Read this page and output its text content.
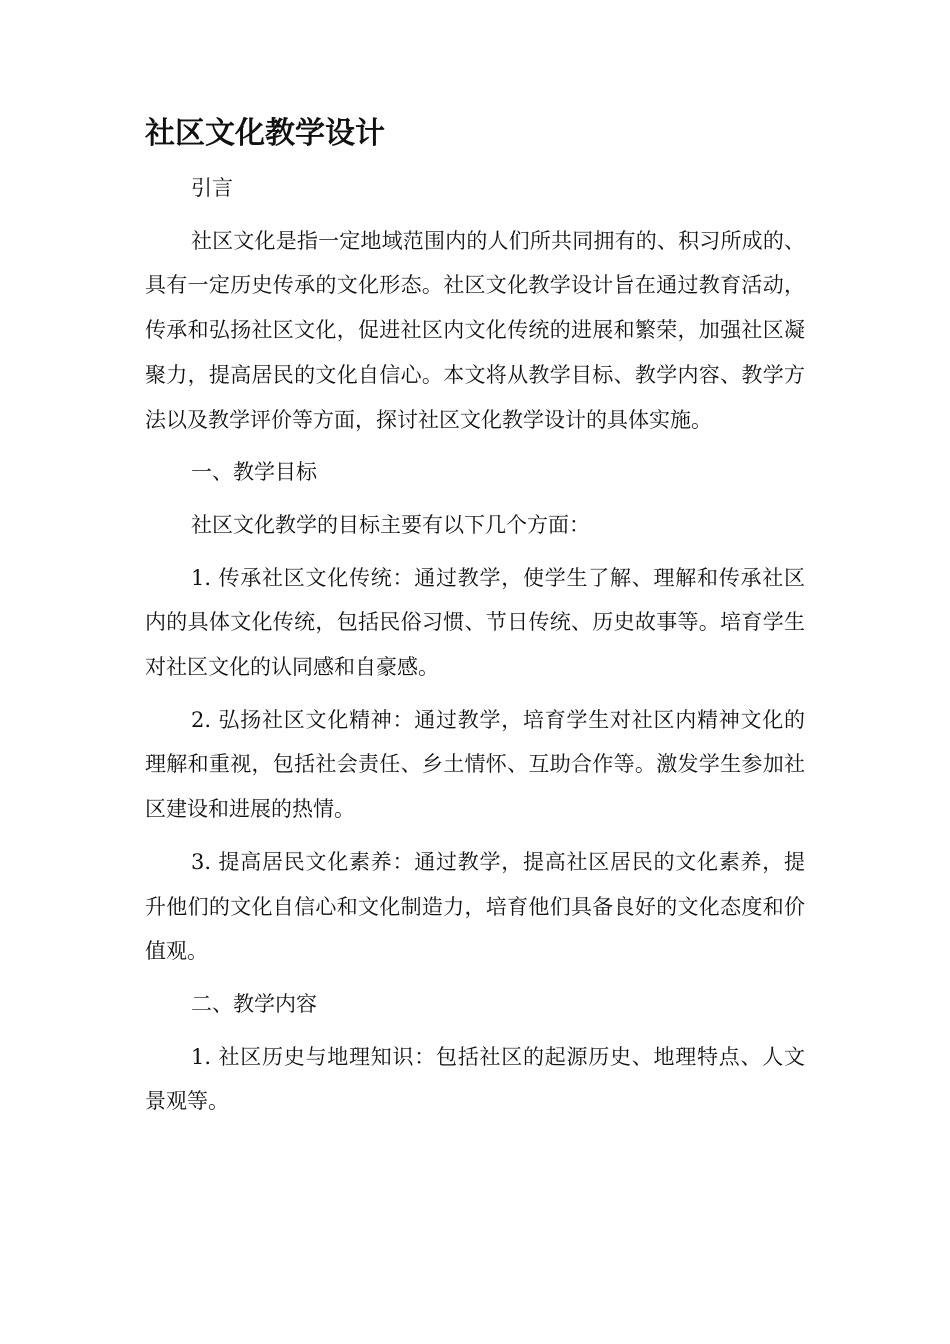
社区文化教学设计

引言

社区文化是指一定地域范围内的人们所共同拥有的、积习所成的、具有一定历史传承的文化形态。社区文化教学设计旨在通过教育活动，传承和弘扬社区文化，促进社区内文化传统的进展和繁荣，加强社区凝聚力，提高居民的文化自信心。本文将从教学目标、教学内容、教学方法以及教学评价等方面，探讨社区文化教学设计的具体实施。

一、教学目标

社区文化教学的目标主要有以下几个方面：

1. 传承社区文化传统：通过教学，使学生了解、理解和传承社区内的具体文化传统，包括民俗习惯、节日传统、历史故事等。培育学生对社区文化的认同感和自豪感。

2. 弘扬社区文化精神：通过教学，培育学生对社区内精神文化的理解和重视，包括社会责任、乡土情怀、互助合作等。激发学生参加社区建设和进展的热情。

3. 提高居民文化素养：通过教学，提高社区居民的文化素养，提升他们的文化自信心和文化制造力，培育他们具备良好的文化态度和价值观。

二、教学内容

1. 社区历史与地理知识：包括社区的起源历史、地理特点、人文景观等。
